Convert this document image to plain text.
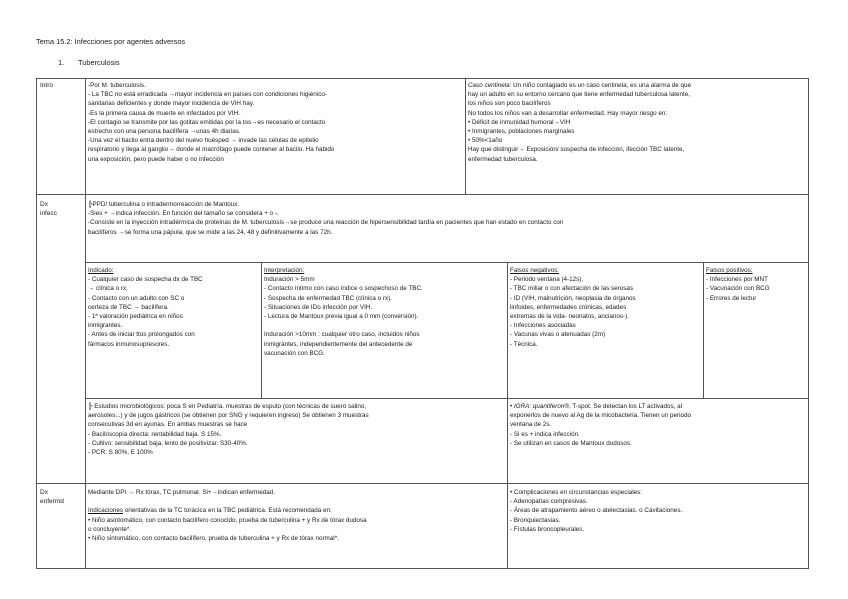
Tema 15.2: Infecciones por agentes adversos
1. Tuberculosis
Intro	-Por M. tuberculosis.
- La TBC no está erradicada →mayor incidencia en países con condiciones higiénico-
sanitarias deficientes y donde mayor incidencia de VIH hay.
-Es la primera causa de muerte en infectados por VIH.
-El contagio se transmite por las gotitas emitidas por la tos→es necesario el contacto
estrecho con una persona bacilífera →unas 4h diarias.
-Una vez el bacilo entra dentro del nuevo huésped → invade las células de epitelio
respiratorio y llega al ganglio→ donde el macrófago puede contener al bacilo. Ha habido
una exposición, pero puede haber o no infección
Caso centinela: Un niño contagiado es un caso centinela, es una alarma de que
hay un adulto en su entorno cercano que tiene enfermedad tuberculosa latente,
los niños son poco bacilíferos
No todos los niños van a desarrollar enfermedad. Hay mayor riesgo en:
• Déficit de inmunidad humoral→VIH
• Inmigrantes, poblaciones marginales
• 50%<1año
Hay que distinguir→ Exposición/ sospecha de infección, ifección TBC latente,
enfermedad tuberculosa.
Dx
infecc
╠PPD/ tuberculina o intradermorreacción de Mantoux.
-Sies + →indica infección. En función del tamaño se considera + o -.
-Consiste en la inyección intradérmica de proteínas de M. tuberculosis→se produce una reacción de hipersensibilidad tardía en pacientes que han estado en contacto con
bacilíferos →se forma una pápula, que se mide a las 24, 48 y definitivamente a las 72h.
Indicado:
- Cualquier caso de sospecha dx de TBC
→ clínica o rx.
- Contacto con un adulto con SC o
certeza de TBC → bacilífera.
- 1ª valoración pediátrica en niños
inmigrantes.
- Antes de iniciar ttos prolongados con
fármacos inmunosupresores.
Interpretación:
Induración > 5mm
- Contacto íntimo con caso índice o sospechoso de TBC.
- Sospecha de enfermedad TBC (clínica o rx).
- Situaciones de IDo infección por VIH.
- Lectura de Mantoux previa igual a 0 mm (conversión).
Induración >10mm : cualquier otro caso, incluidos niños
inmigrantes, independientemente del antecedente de
vacunación con BCG.
Falsos negativos:
- Periodo ventana (4-12s),
- TBC miliar o con afectación de las serosas
- ID (VIH, malnutrición, neoplasia de órganos
linfoides, enfermedades crónicas, edades
extremas de la vida- neonatos, ancianos-).
- Infecciones asociadas
- Vacunas vivas o atenuadas (2m)
- Técnica.
Falsos positivos:
- Infecciones por MNT
- Vacunación con BCG
- Errores de lectur
╠ Estudios microbiológicos: poca S en Pediatría. muestras de esputo (con técnicas de suero salino,
aerosoles...) y de jugos gástricos (se obtienen por SNG y requieren ingreso) Se obtienen 3 muestras
consecutivas 3d en ayunas. En ambas muestras se hace
- Baciloscopia directa: rentabilidad baja. S 15%.
- Cultivo: sensibilidad baja, lento de positivizar. S30-40%.
- PCR: S 80%, E 100%
• IGRA: quantiferon®, T-spot. Se detectan los LT activados, al
exponerlos de nuevo al Ag de la micobacteria. Tienen un periodo
ventana de 2s.
- Si es + indica infección.
- Se utilizan en casos de Mantoux dudosos.
Dx
enfermd
Mediante DPI → Rx tórax, TC pulmonar. Si+→indican enfermedad.
Indicaciones orientativas de la TC torácica en la TBC pediátrica. Está recomendada en:
• Niño asintomático, con contacto bacilífero conocido, prueba de tuberculina + y Rx de tórax dudosa
o concluyente*.
• Niño sintomático, con contacto bacilífero, prueba de tuberculina + y Rx de tórax normal*.
• Complicaciones en circunstancias especiales:
- Adenopatías compresivas.
- Áreas de atrapamiento aéreo o atelectasias. o Cavitaciones.
- Bronquiectasias.
- Fístulas broncopleurales.
